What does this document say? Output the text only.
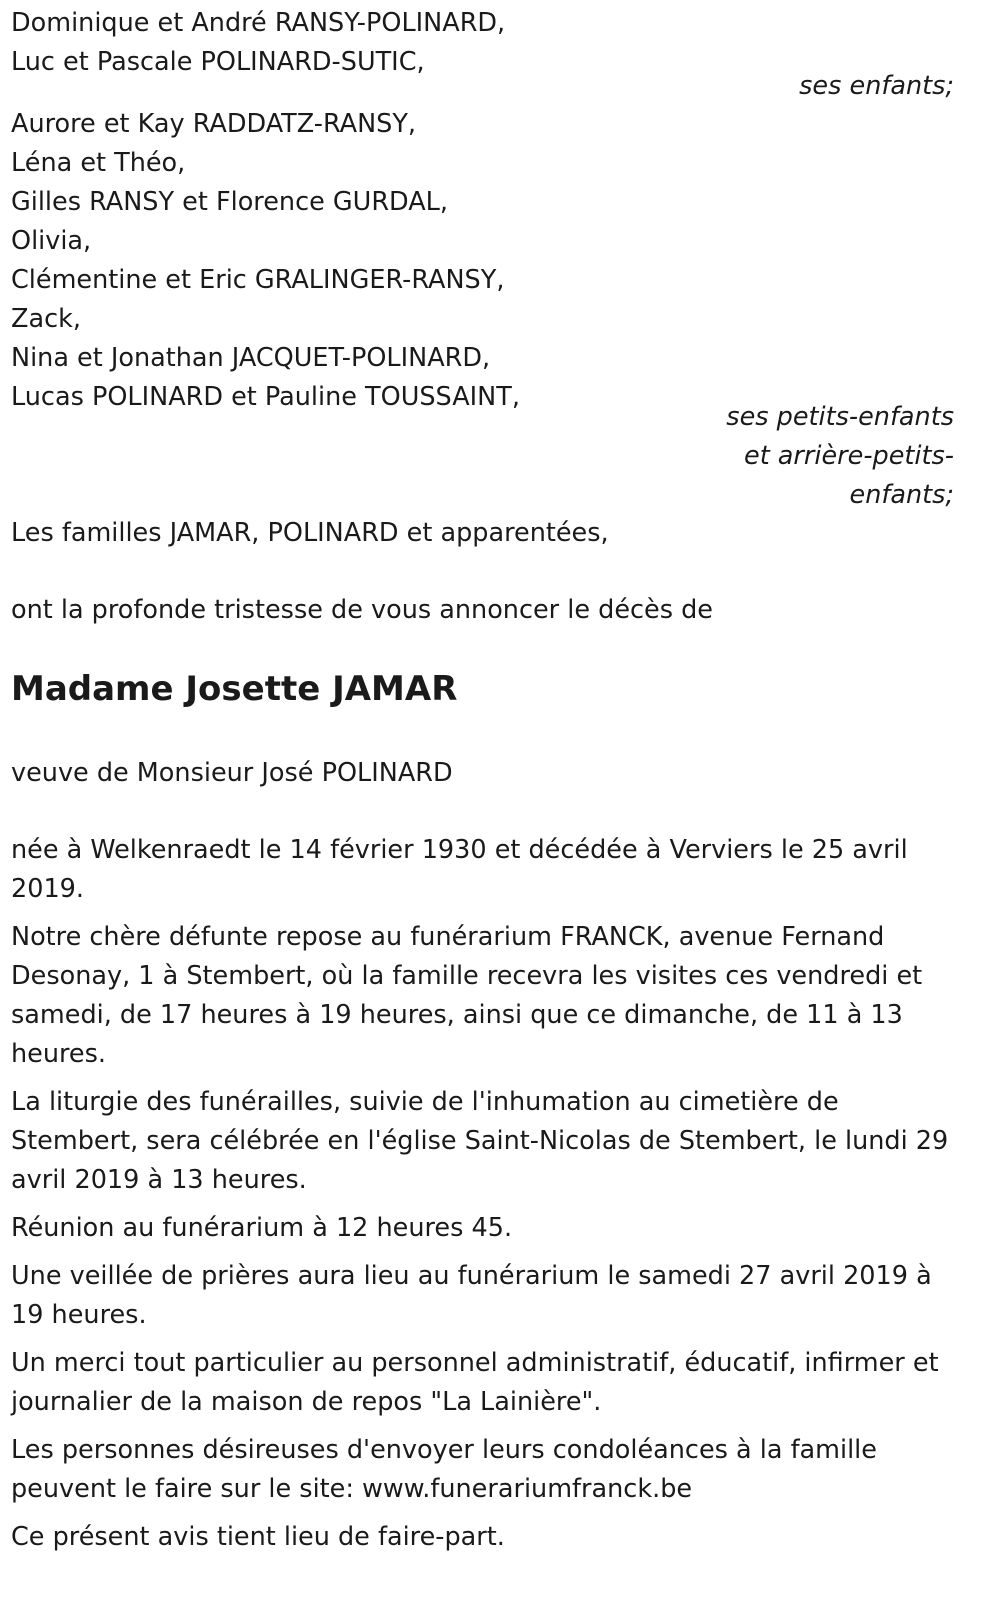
Dominique et André RANSY-POLINARD,
Luc et Pascale POLINARD-SUTIC,
ses enfants;
Aurore et Kay RADDATZ-RANSY,
Léna et Théo,
Gilles RANSY et Florence GURDAL,
Olivia,
Clémentine et Eric GRALINGER-RANSY,
Zack,
Nina et Jonathan JACQUET-POLINARD,
Lucas POLINARD et Pauline TOUSSAINT,
ses petits-enfants
et arrière-petits-
enfants;
Les familles JAMAR, POLINARD et apparentées,
ont la profonde tristesse de vous annoncer le décès de
Madame Josette JAMAR
veuve de Monsieur José POLINARD

née à Welkenraedt le 14 février 1930 et décédée à Verviers le 25 avril 2019.

Notre chère défunte repose au funérarium FRANCK, avenue Fernand Desonay, 1 à Stembert, où la famille recevra les visites ces vendredi et samedi, de 17 heures à 19 heures, ainsi que ce dimanche, de 11 à 13 heures.

La liturgie des funérailles, suivie de l'inhumation au cimetière de Stembert, sera célébrée en l'église Saint-Nicolas de Stembert, le lundi 29 avril 2019 à 13 heures.

Réunion au funérarium à 12 heures 45.

Une veillée de prières aura lieu au funérarium le samedi 27 avril 2019 à 19 heures.

Un merci tout particulier au personnel administratif, éducatif, infirmer et journalier de la maison de repos "La Lainière".

Les personnes désireuses d'envoyer leurs condoléances à la famille peuvent le faire sur le site: www.funerariumfranck.be

Ce présent avis tient lieu de faire-part.
